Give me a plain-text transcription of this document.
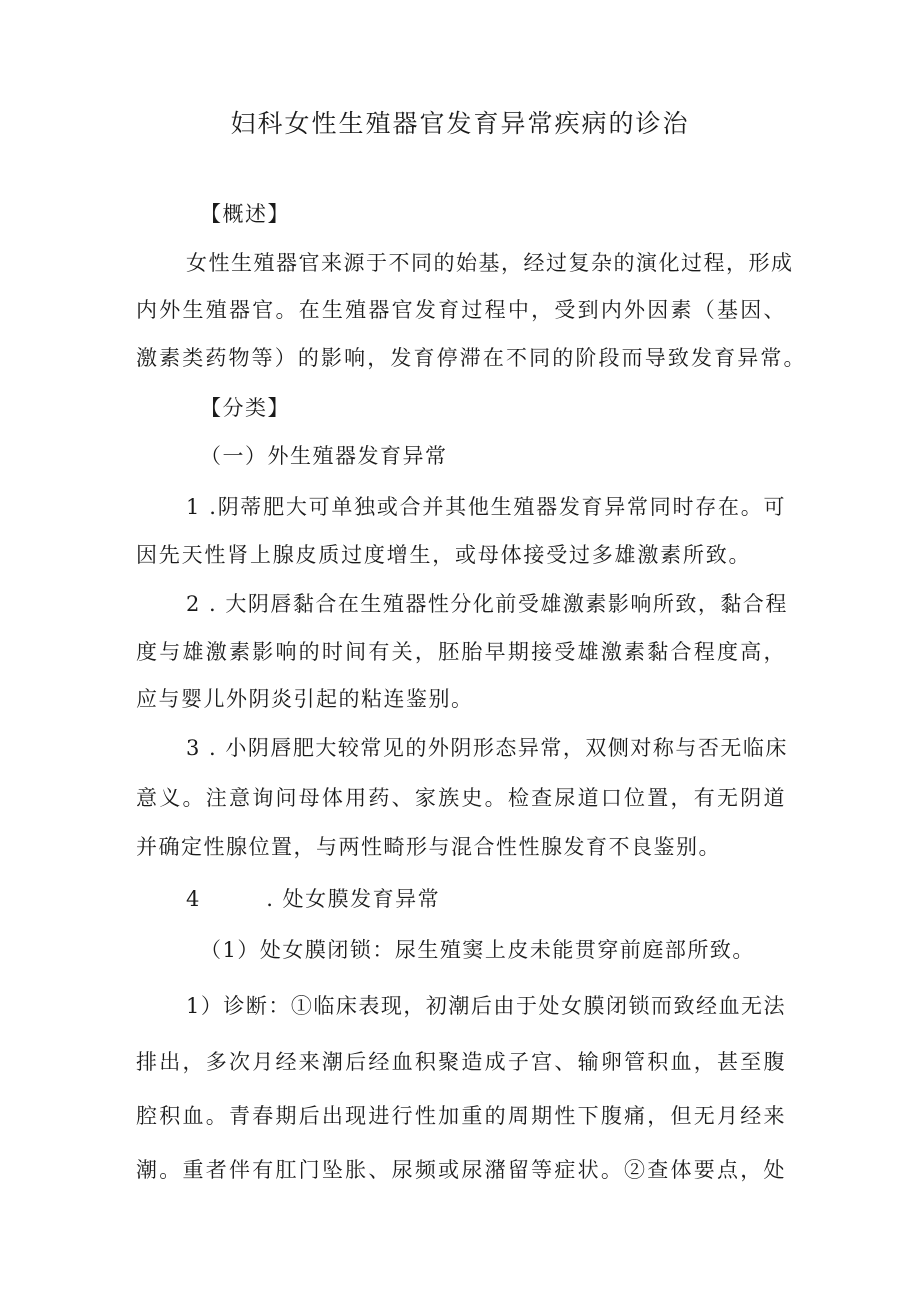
妇科女性生殖器官发育异常疾病的诊治
【概述】
女性生殖器官来源于不同的始基，经过复杂的演化过程，形成
内外生殖器官。在生殖器官发育过程中，受到内外因素（基因、
激素类药物等）的影响，发育停滞在不同的阶段而导致发育异常。
【分类】
（一）外生殖器发育异常
1 .阴蒂肥大可单独或合并其他生殖器发育异常同时存在。可
因先天性肾上腺皮质过度增生，或母体接受过多雄激素所致。
2 . 大阴唇黏合在生殖器性分化前受雄激素影响所致，黏合程
度与雄激素影响的时间有关，胚胎早期接受雄激素黏合程度高，
应与婴儿外阴炎引起的粘连鉴别。
3 . 小阴唇肥大较常见的外阴形态异常，双侧对称与否无临床
意义。注意询问母体用药、家族史。检查尿道口位置，有无阴道
并确定性腺位置，与两性畸形与混合性性腺发育不良鉴别。
4        . 处女膜发育异常
（1）处女膜闭锁：尿生殖窦上皮未能贯穿前庭部所致。
1）诊断：①临床表现，初潮后由于处女膜闭锁而致经血无法
排出，多次月经来潮后经血积聚造成子宫、输卵管积血，甚至腹
腔积血。青春期后出现进行性加重的周期性下腹痛，但无月经来
潮。重者伴有肛门坠胀、尿频或尿潴留等症状。②查体要点，处
